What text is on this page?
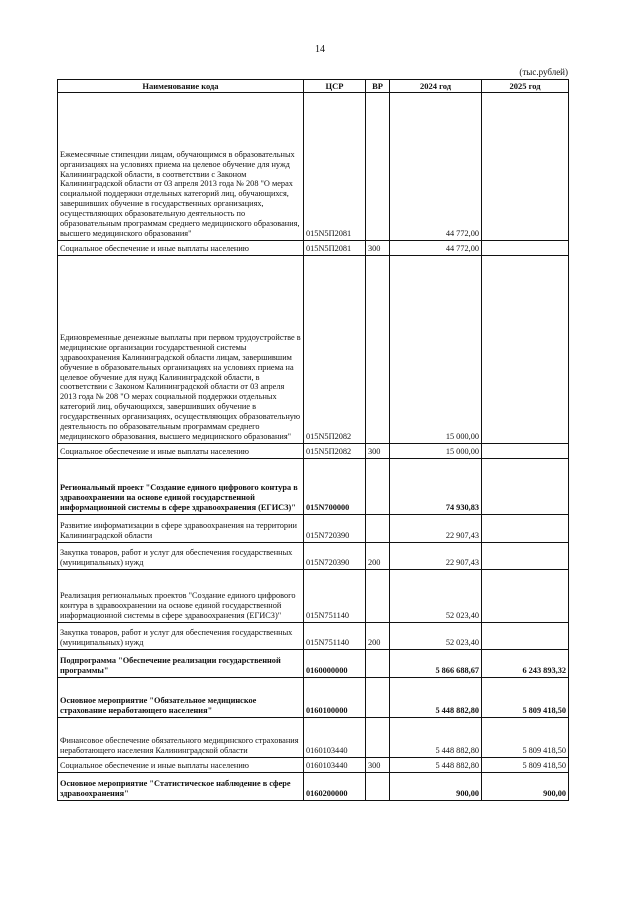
14
(тыс.рублей)
Наименование кода	ЦСР	ВР	2024 год	2025 год
Ежемесячные стипендии лицам, обучающимся в образовательных организациях на условиях приема на целевое обучение для нужд Калининградской области, в соответствии с Законом Калининградской области от 03 апреля 2013 года № 208 "О мерах социальной поддержки отдельных категорий лиц, обучающихся, завершивших обучение в государственных организациях, осуществляющих образовательную деятельность по образовательным программам среднего медицинского образования, высшего медицинского образования"	015N5П2081		44 772,00	
Социальное обеспечение и иные выплаты населению	015N5П2081	300	44 772,00	
Единовременные денежные выплаты при первом трудоустройстве в медицинские организации государственной системы здравоохранения Калининградской области лицам, завершившим обучение в образовательных организациях на условиях приема на целевое обучение для нужд Калининградской области, в соответствии с Законом Калининградской области от 03 апреля 2013 года № 208 "О мерах социальной поддержки отдельных категорий лиц, обучающихся, завершивших обучение в государственных организациях, осуществляющих образовательную деятельность по образовательным программам среднего медицинского образования, высшего медицинского образования"	015N5П2082		15 000,00	
Социальное обеспечение и иные выплаты населению	015N5П2082	300	15 000,00	
Региональный проект "Создание единого цифрового контура в здравоохранении на основе единой государственной информационной системы в сфере здравоохранения (ЕГИСЗ)"	015N700000		74 930,83	
Развитие информатизации в сфере здравоохранения на территории Калининградской области	015N720390		22 907,43	
Закупка товаров, работ и услуг для обеспечения государственных (муниципальных) нужд	015N720390	200	22 907,43	
Реализация региональных проектов "Создание единого цифрового контура в здравоохранении на основе единой государственной информационной системы в сфере здравоохранения (ЕГИСЗ)"	015N751140		52 023,40	
Закупка товаров, работ и услуг для обеспечения государственных (муниципальных) нужд	015N751140	200	52 023,40	
Подпрограмма "Обеспечение реализации государственной программы"	0160000000		5 866 688,67	6 243 893,32
Основное мероприятие "Обязательное медицинское страхование неработающего населения"	0160100000		5 448 882,80	5 809 418,50
Финансовое обеспечение обязательного медицинского страхования неработающего населения Калининградской области	0160103440		5 448 882,80	5 809 418,50
Социальное обеспечение и иные выплаты населению	0160103440	300	5 448 882,80	5 809 418,50
Основное мероприятие "Статистическое наблюдение в сфере здравоохранения"	0160200000		900,00	900,00
